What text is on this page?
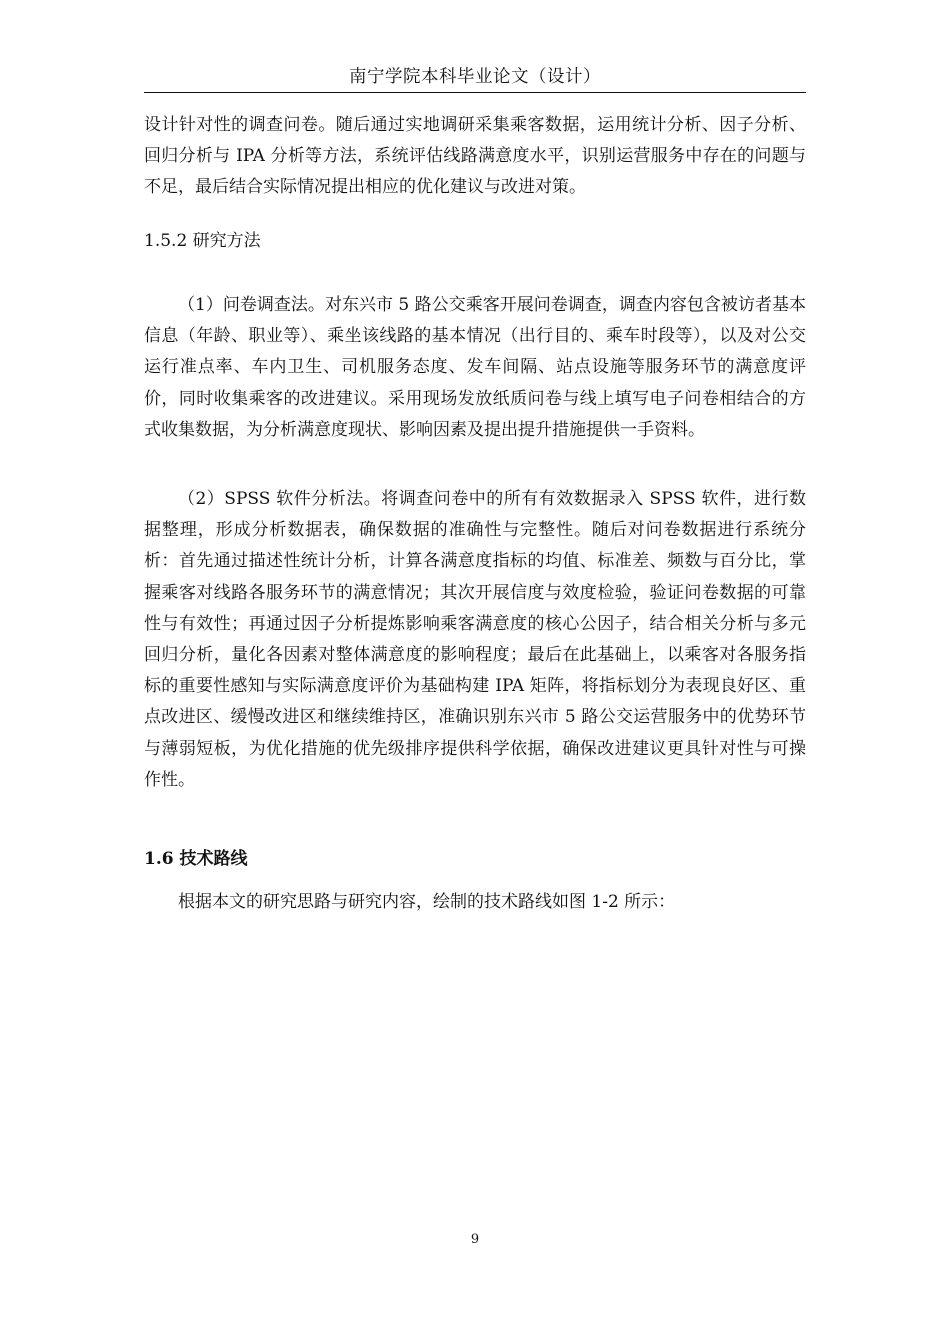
南宁学院本科毕业论文（设计）

设计针对性的调查问卷。随后通过实地调研采集乘客数据，运用统计分析、因子分析、回归分析与 IPA 分析等方法，系统评估线路满意度水平，识别运营服务中存在的问题与不足，最后结合实际情况提出相应的优化建议与改进对策。

1.5.2 研究方法

（1）问卷调查法。对东兴市 5 路公交乘客开展问卷调查，调查内容包含被访者基本信息（年龄、职业等）、乘坐该线路的基本情况（出行目的、乘车时段等），以及对公交运行准点率、车内卫生、司机服务态度、发车间隔、站点设施等服务环节的满意度评价，同时收集乘客的改进建议。采用现场发放纸质问卷与线上填写电子问卷相结合的方式收集数据，为分析满意度现状、影响因素及提出提升措施提供一手资料。

（2）SPSS 软件分析法。将调查问卷中的所有有效数据录入 SPSS 软件，进行数据整理，形成分析数据表，确保数据的准确性与完整性。随后对问卷数据进行系统分析：首先通过描述性统计分析，计算各满意度指标的均值、标准差、频数与百分比，掌握乘客对线路各服务环节的满意情况；其次开展信度与效度检验，验证问卷数据的可靠性与有效性；再通过因子分析提炼影响乘客满意度的核心公因子，结合相关分析与多元回归分析，量化各因素对整体满意度的影响程度；最后在此基础上，以乘客对各服务指标的重要性感知与实际满意度评价为基础构建 IPA 矩阵，将指标划分为表现良好区、重点改进区、缓慢改进区和继续维持区，准确识别东兴市 5 路公交运营服务中的优势环节与薄弱短板，为优化措施的优先级排序提供科学依据，确保改进建议更具针对性与可操作性。

1.6 技术路线

根据本文的研究思路与研究内容，绘制的技术路线如图 1-2 所示：

9
